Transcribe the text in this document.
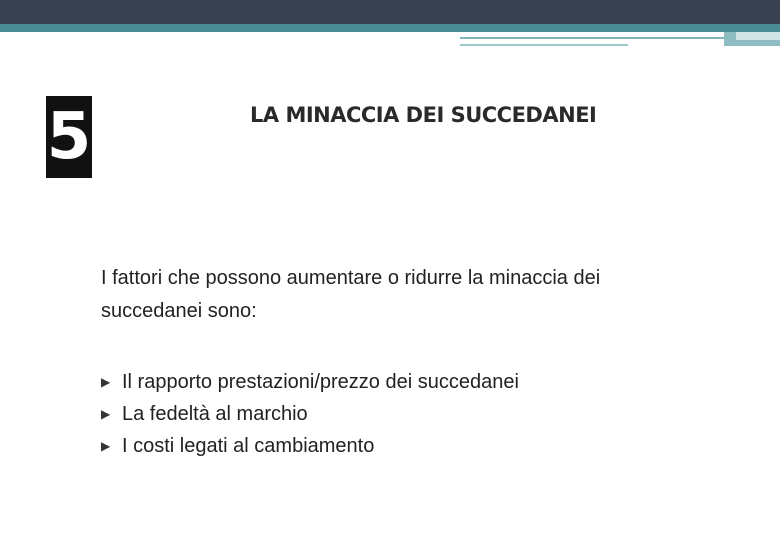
5	LA MINACCIA DEI SUCCEDANEI
I fattori che possono aumentare o ridurre la minaccia dei
succedanei sono:
▶ Il rapporto prestazioni/prezzo dei succedanei
▶ La fedeltà al marchio
▶ I costi legati al cambiamento
